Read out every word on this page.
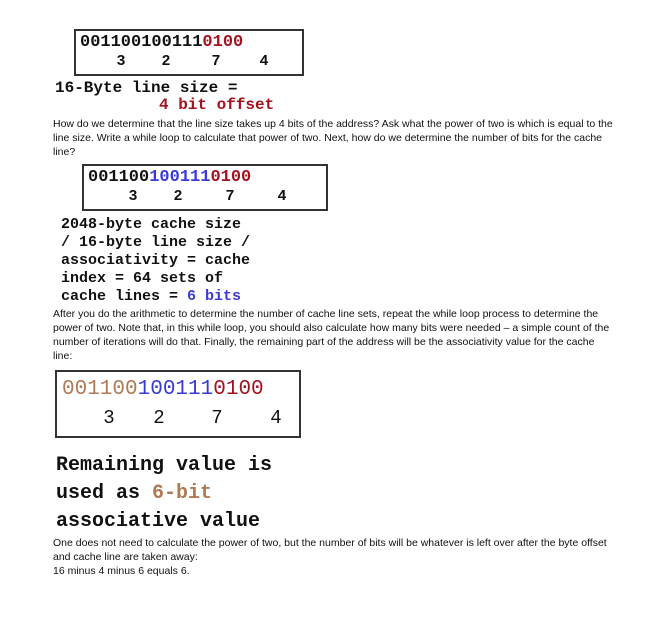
0011001001110100
3 2	7	4
16-Byte line size =
4 bit offset
How do we determine that the line size takes up 4 bits of the address? Ask what the power of two is which is equal to the line size. Write a while loop to calculate that power of two. Next, how do we determine the number of bits for the cache line?
0011001001110100
3 2	7	4
2048-byte cache size
/ 16-byte line size /
associativity = cache
index = 64 sets of
cache lines = 6 bits
After you do the arithmetic to determine the number of cache line sets, repeat the while loop process to determine the power of two. Note that, in this while loop, you should also calculate how many bits were needed – a simple count of the number of iterations will do that. Finally, the remaining part of the address will be the associativity value for the cache line:
0011001001110100
3 2 7	4
Remaining value is
used as 6-bit
associative value
One does not need to calculate the power of two, but the number of bits will be whatever is left over after the byte offset and cache line are taken away:
16 minus 4 minus 6 equals 6.
